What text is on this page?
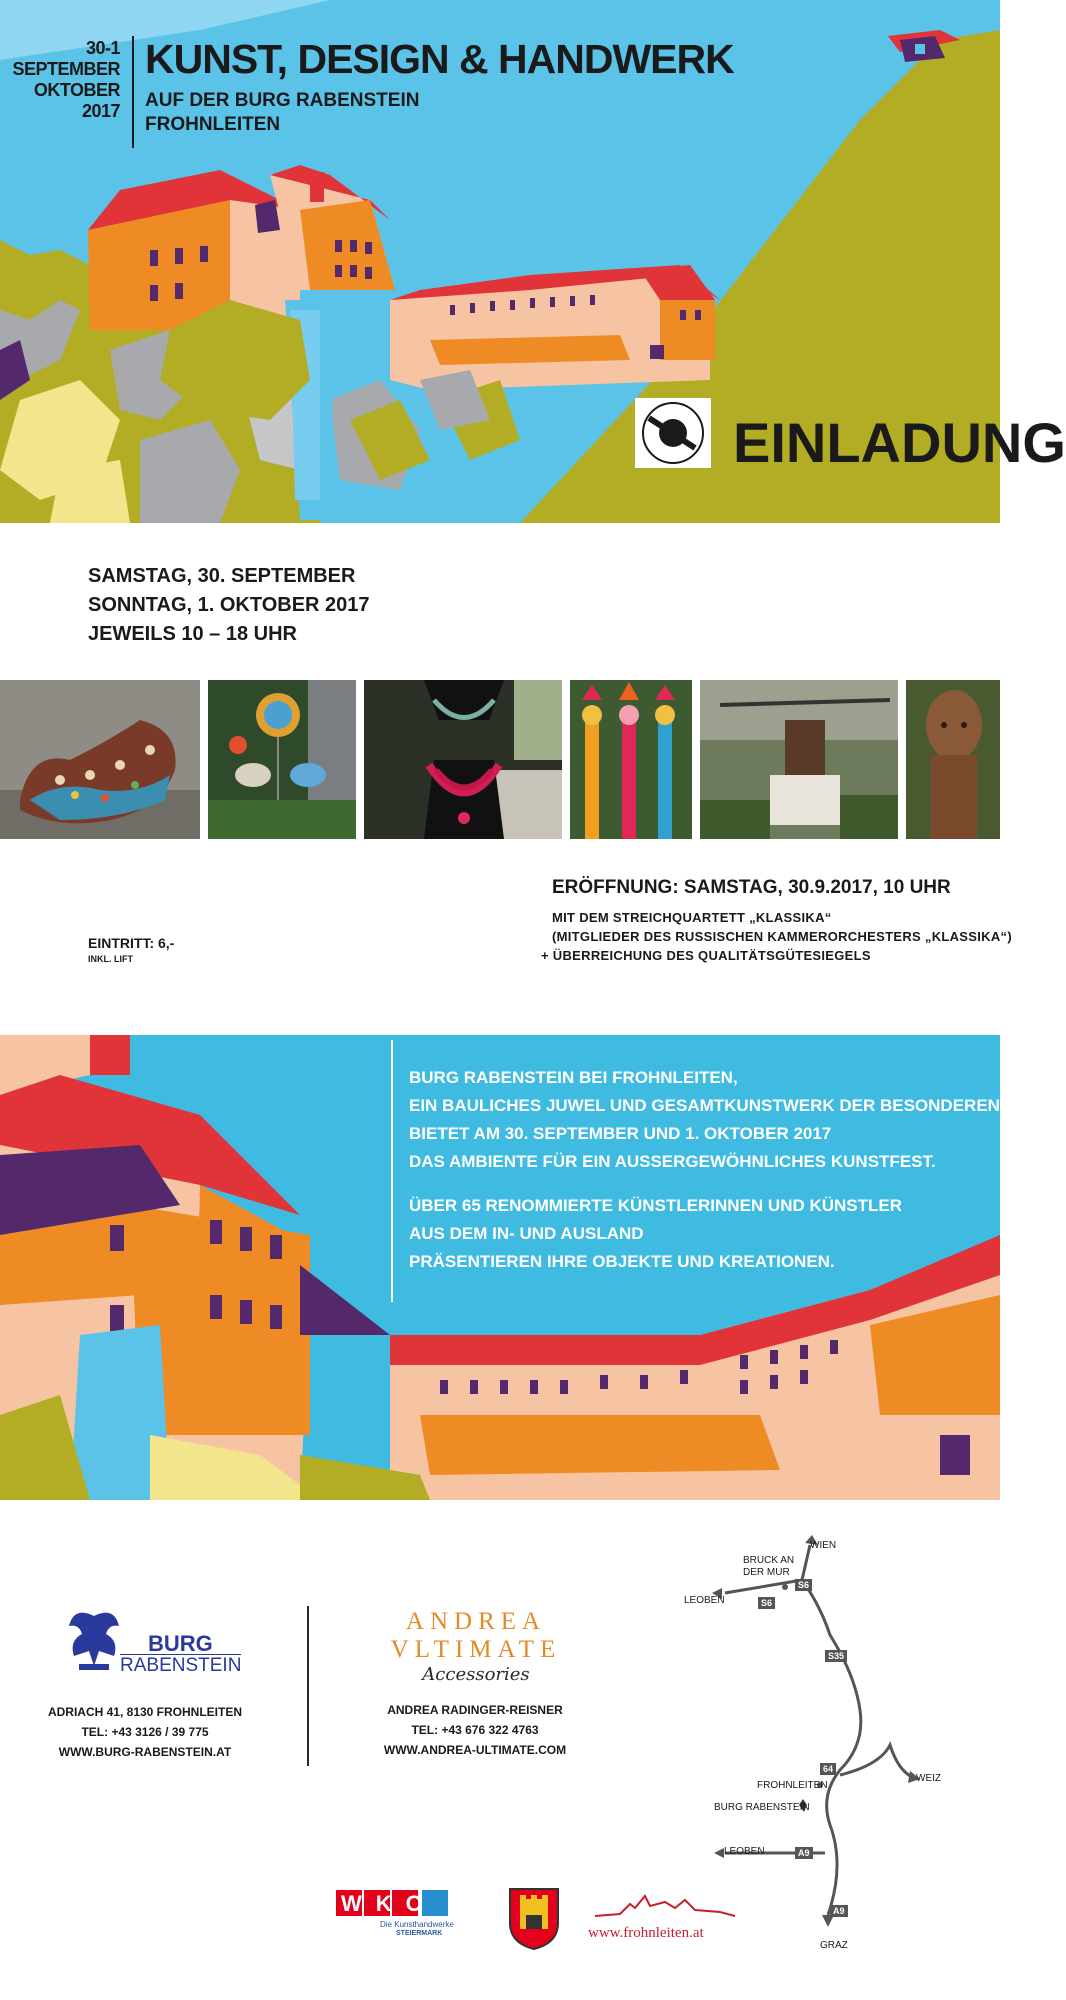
30-1
SEPTEMBER
OKTOBER
2017
KUNST, DESIGN & HANDWERK
AUF DER BURG RABENSTEIN
FROHNLEITEN
EINLADUNG
SAMSTAG, 30. SEPTEMBER
SONNTAG, 1. OKTOBER 2017
JEWEILS 10 – 18 UHR
EINTRITT: 6,-
INKL. LIFT
ERÖFFNUNG: SAMSTAG, 30.9.2017, 10 UHR
MIT DEM STREICHQUARTETT „KLASSIKA“
(MITGLIEDER DES RUSSISCHEN KAMMERORCHESTERS „KLASSIKA“)
+ ÜBERREICHUNG DES QUALITÄTSGÜTESIEGELS
BURG RABENSTEIN BEI FROHNLEITEN,
EIN BAULICHES JUWEL UND GESAMTKUNSTWERK DER BESONDEREN ART,
BIETET AM 30. SEPTEMBER UND 1. OKTOBER 2017
DAS AMBIENTE FÜR EIN AUSSERGEWÖHNLICHES KUNSTFEST.
ÜBER 65 RENOMMIERTE KÜNSTLERINNEN UND KÜNSTLER
AUS DEM IN- UND AUSLAND
PRÄSENTIEREN IHRE OBJEKTE UND KREATIONEN.
BURG
RABENSTEIN
ADRIACH 41, 8130 FROHNLEITEN
TEL: +43 3126 / 39 775
WWW.BURG-RABENSTEIN.AT
ANDREA
VLTIMATE
Accessories
ANDREA RADINGER-REISNER
TEL: +43 676 322 4763
WWW.ANDREA-ULTIMATE.COM
WIEN
BRUCK AN
DER MUR
LEOBEN	S6
S6
S35
64
WEIZ
FROHNLEITEN
BURG RABENSTEIN
LEOBEN	A9
A9
GRAZ
WKO
Die Kunsthandwerke
STEIERMARK	www.frohnleiten.at
